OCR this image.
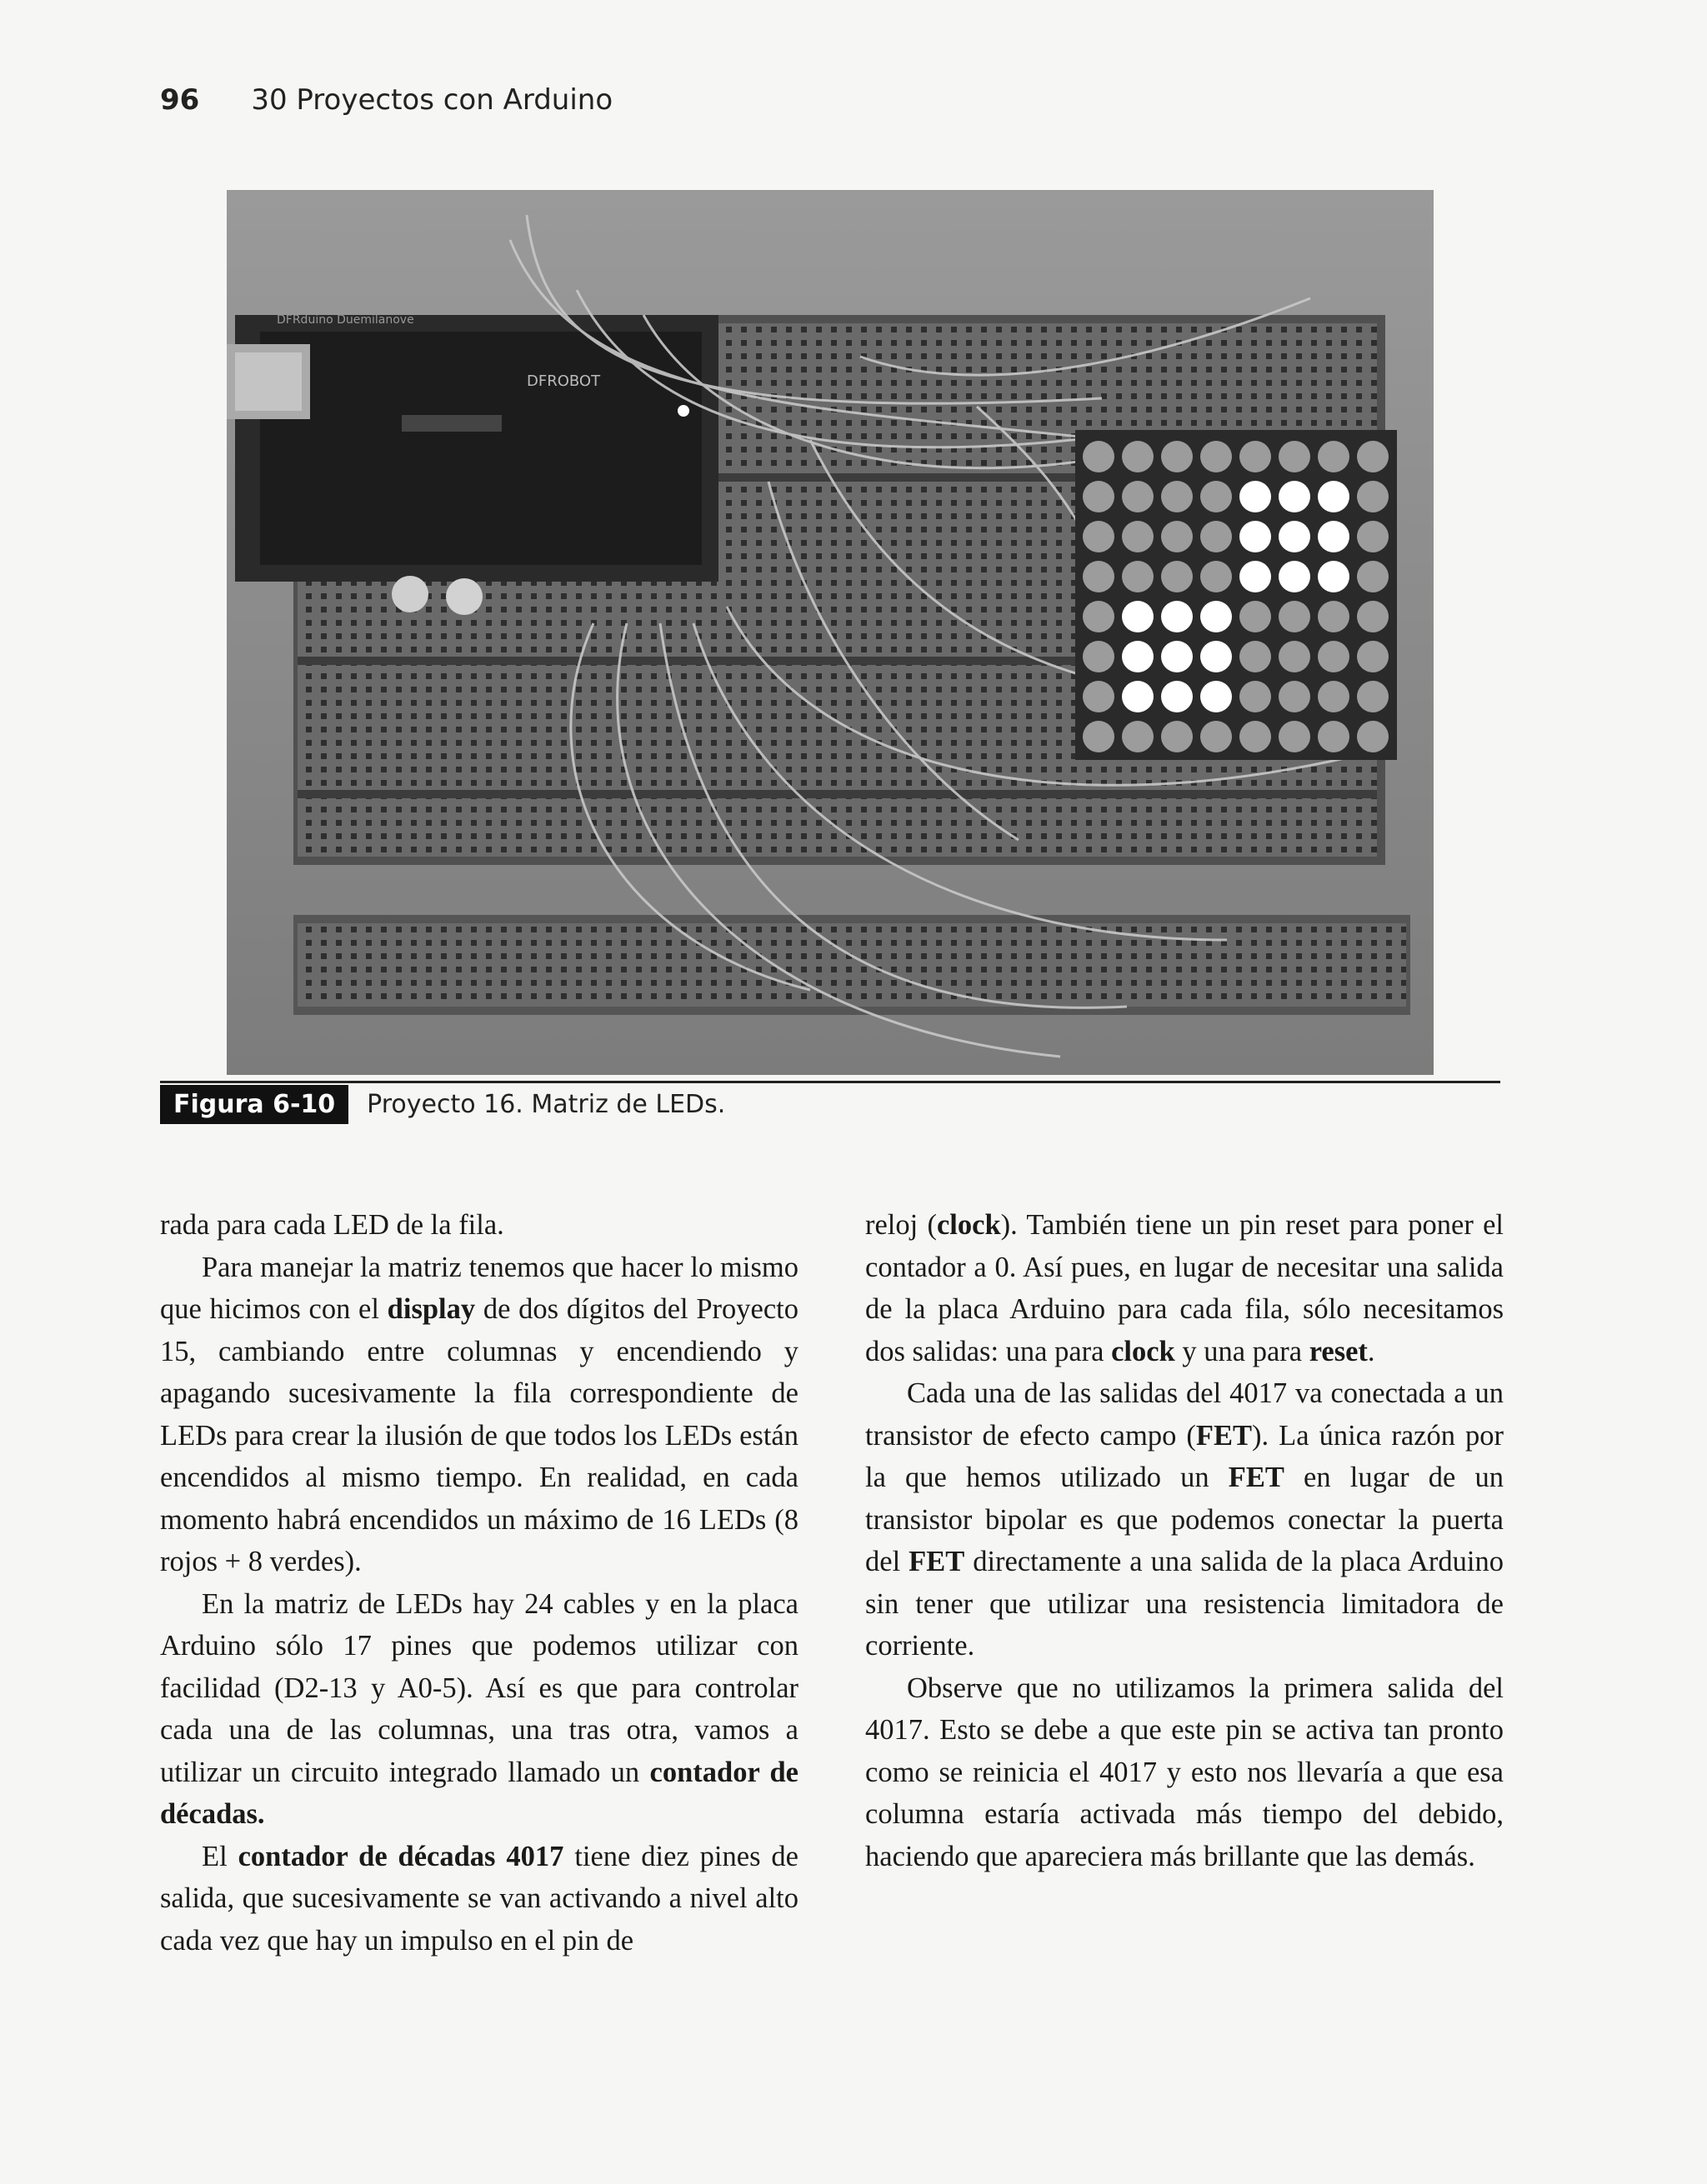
96 30 Proyectos con Arduino
DFROBOT
DFRduino Duemilanove
Figura 6-10	Proyecto 16. Matriz de LEDs.

rada para cada LED de la fila.

Para manejar la matriz tenemos que hacer lo mismo que hicimos con el display de dos dígitos del Proyecto 15, cambiando entre columnas y encendiendo y apagando sucesivamente la fila correspondiente de LEDs para crear la ilusión de que todos los LEDs están encendidos al mismo tiempo. En realidad, en cada momento habrá encendidos un máximo de 16 LEDs (8 rojos + 8 verdes).

En la matriz de LEDs hay 24 cables y en la placa Arduino sólo 17 pines que podemos utilizar con facilidad (D2-13 y A0-5). Así es que para controlar cada una de las columnas, una tras otra, vamos a utilizar un circuito integrado llamado un contador de décadas.

El contador de décadas 4017 tiene diez pines de salida, que sucesivamente se van activando a nivel alto cada vez que hay un impulso en el pin de

reloj (clock). También tiene un pin reset para poner el contador a 0. Así pues, en lugar de necesitar una salida de la placa Arduino para cada fila, sólo necesitamos dos salidas: una para clock y una para reset.

Cada una de las salidas del 4017 va conectada a un transistor de efecto campo (FET). La única razón por la que hemos utilizado un FET en lugar de un transistor bipolar es que podemos conectar la puerta del FET directamente a una salida de la placa Arduino sin tener que utilizar una resistencia limitadora de corriente.

Observe que no utilizamos la primera salida del 4017. Esto se debe a que este pin se activa tan pronto como se reinicia el 4017 y esto nos llevaría a que esa columna estaría activada más tiempo del debido, haciendo que apareciera más brillante que las demás.
